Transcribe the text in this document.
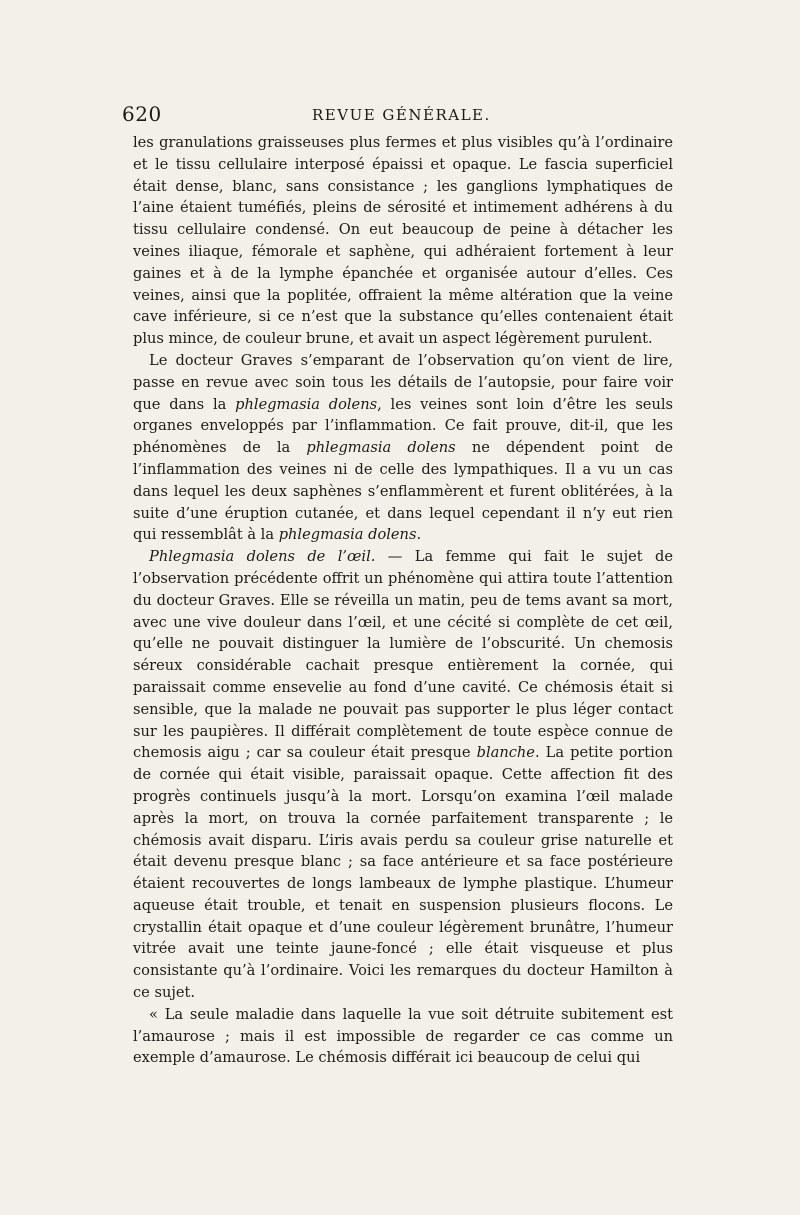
620	REVUE GÉNÉRALE.

les granulations graisseuses plus fermes et plus visibles qu’à l’ordinaire et le tissu cellulaire interposé épaissi et opaque. Le fascia superficiel était dense, blanc, sans consistance ; les ganglions lymphatiques de l’aine étaient tuméfiés, pleins de sérosité et intimement adhérens à du tissu cellulaire condensé. On eut beaucoup de peine à détacher les veines iliaque, fémorale et saphène, qui adhéraient fortement à leur gaines et à de la lymphe épanchée et organisée autour d’elles. Ces veines, ainsi que la poplitée, offraient la même altération que la veine cave inférieure, si ce n’est que la substance qu’elles contenaient était plus mince, de couleur brune, et avait un aspect légèrement purulent.

Le docteur Graves s’emparant de l’observation qu’on vient de lire, passe en revue avec soin tous les détails de l’autopsie, pour faire voir que dans la phlegmasia dolens, les veines sont loin d’être les seuls organes enveloppés par l’inflammation. Ce fait prouve, dit-il, que les phénomènes de la phlegmasia dolens ne dépendent point de l’inflammation des veines ni de celle des lympathiques. Il a vu un cas dans lequel les deux saphènes s’enflammèrent et furent oblitérées, à la suite d’une éruption cutanée, et dans lequel cependant il n’y eut rien qui ressemblât à la phlegmasia dolens.

Phlegmasia dolens de l’œil. — La femme qui fait le sujet de l’observation précédente offrit un phénomène qui attira toute l’attention du docteur Graves. Elle se réveilla un matin, peu de tems avant sa mort, avec une vive douleur dans l’œil, et une cécité si complète de cet œil, qu’elle ne pouvait distinguer la lumière de l’obscurité. Un chemosis séreux considérable cachait presque entièrement la cornée, qui paraissait comme ensevelie au fond d’une cavité. Ce chémosis était si sensible, que la malade ne pouvait pas supporter le plus léger contact sur les paupières. Il différait complètement de toute espèce connue de chemosis aigu ; car sa couleur était presque blanche. La petite portion de cornée qui était visible, paraissait opaque. Cette affection fit des progrès continuels jusqu’à la mort. Lorsqu’on examina l’œil malade après la mort, on trouva la cornée parfaitement transparente ; le chémosis avait disparu. L’iris avais perdu sa couleur grise naturelle et était devenu presque blanc ; sa face antérieure et sa face postérieure étaient recouvertes de longs lambeaux de lymphe plastique. L’humeur aqueuse était trouble, et tenait en suspension plusieurs flocons. Le crystallin était opaque et d’une couleur légèrement brunâtre, l’humeur vitrée avait une teinte jaune-foncé ; elle était visqueuse et plus consistante qu’à l’ordinaire. Voici les remarques du docteur Hamilton à ce sujet.

« La seule maladie dans laquelle la vue soit détruite subitement est l’amaurose ; mais il est impossible de regarder ce cas comme un exemple d’amaurose. Le chémosis différait ici beaucoup de celui qui
